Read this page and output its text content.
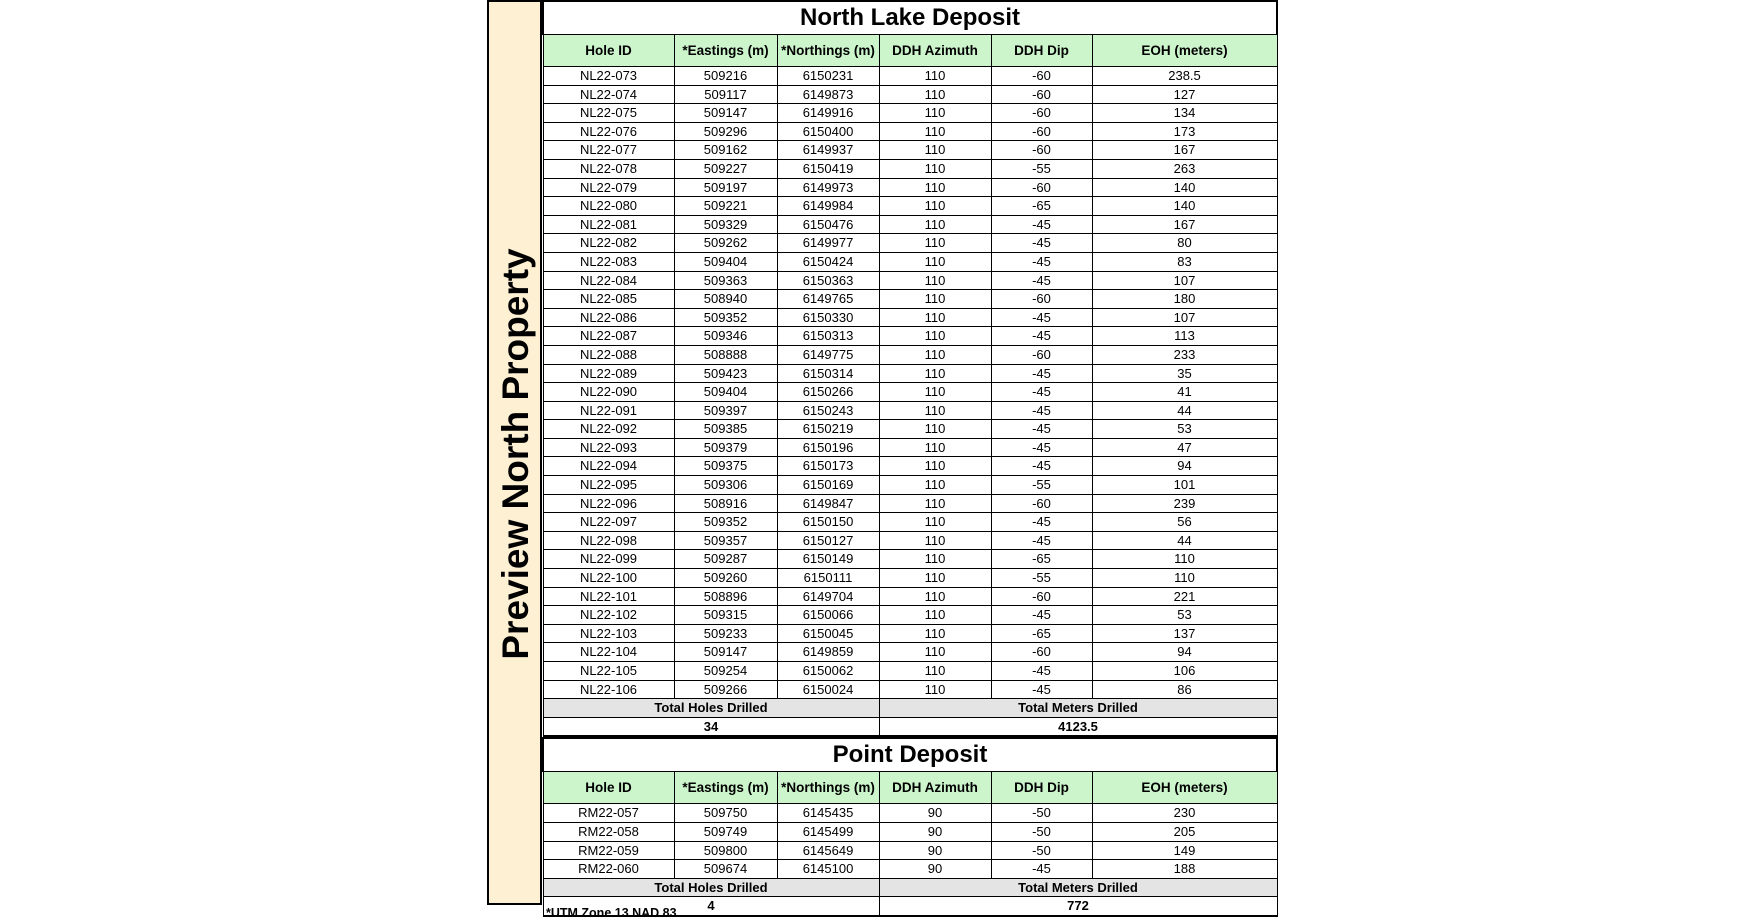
Preview North Property
North Lake Deposit					
Hole ID	*Eastings (m)	*Northings (m)	DDH Azimuth	DDH Dip	EOH (meters)
NL22-073	509216	6150231	110	-60	238.5
NL22-074	509117	6149873	110	-60	127
NL22-075	509147	6149916	110	-60	134
NL22-076	509296	6150400	110	-60	173
NL22-077	509162	6149937	110	-60	167
NL22-078	509227	6150419	110	-55	263
NL22-079	509197	6149973	110	-60	140
NL22-080	509221	6149984	110	-65	140
NL22-081	509329	6150476	110	-45	167
NL22-082	509262	6149977	110	-45	80
NL22-083	509404	6150424	110	-45	83
NL22-084	509363	6150363	110	-45	107
NL22-085	508940	6149765	110	-60	180
NL22-086	509352	6150330	110	-45	107
NL22-087	509346	6150313	110	-45	113
NL22-088	508888	6149775	110	-60	233
NL22-089	509423	6150314	110	-45	35
NL22-090	509404	6150266	110	-45	41
NL22-091	509397	6150243	110	-45	44
NL22-092	509385	6150219	110	-45	53
NL22-093	509379	6150196	110	-45	47
NL22-094	509375	6150173	110	-45	94
NL22-095	509306	6150169	110	-55	101
NL22-096	508916	6149847	110	-60	239
NL22-097	509352	6150150	110	-45	56
NL22-098	509357	6150127	110	-45	44
NL22-099	509287	6150149	110	-65	110
NL22-100	509260	6150111	110	-55	110
NL22-101	508896	6149704	110	-60	221
NL22-102	509315	6150066	110	-45	53
NL22-103	509233	6150045	110	-65	137
NL22-104	509147	6149859	110	-60	94
NL22-105	509254	6150062	110	-45	106
NL22-106	509266	6150024	110	-45	86
Total Holes Drilled			Total Meters Drilled		
34			4123.5		
Point Deposit					
Hole ID	*Eastings (m)	*Northings (m)	DDH Azimuth	DDH Dip	EOH (meters)
RM22-057	509750	6145435	90	-50	230
RM22-058	509749	6145499	90	-50	205
RM22-059	509800	6145649	90	-50	149
RM22-060	509674	6145100	90	-45	188
Total Holes Drilled			Total Meters Drilled		
4			772		
*UTM Zone 13 NAD 83
